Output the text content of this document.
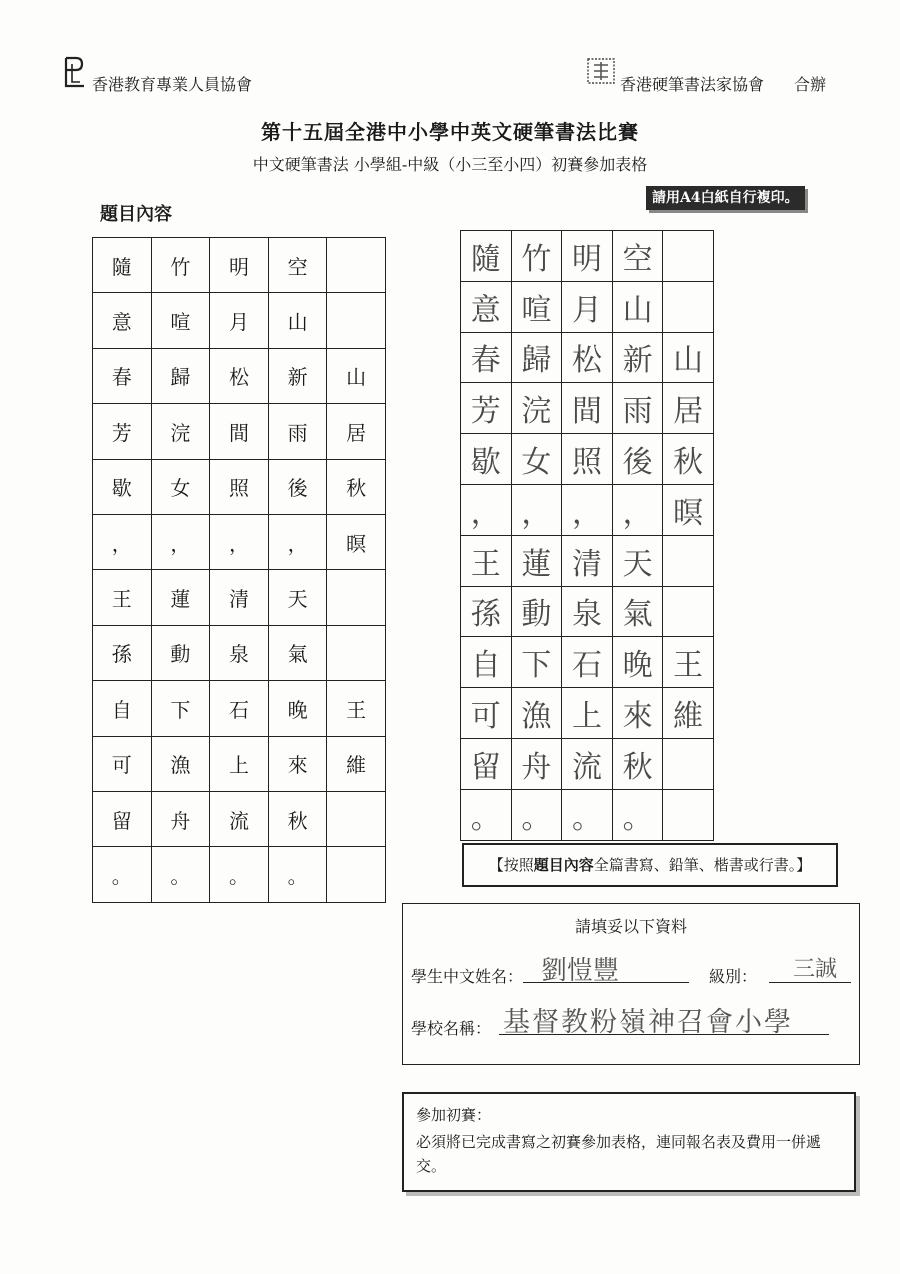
香港教育專業人員協會	香港硬筆書法家協會 合辦
第十五屆全港中小學中英文硬筆書法比賽
中文硬筆書法 小學組-中級（小三至小四）初賽參加表格
請用A4白紙自行複印。
題目內容
隨	竹	明	空	
意	喧	月	山	
春	歸	松	新	山
芳	浣	間	雨	居
歇	女	照	後	秋
，	，	，	，	暝
王	蓮	清	天	
孫	動	泉	氣	
自	下	石	晚	王
可	漁	上	來	維
留	舟	流	秋	
。	。	。	。	
隨	竹	明	空	
意	喧	月	山	
春	歸	松	新	山
芳	浣	間	雨	居
歇	女	照	後	秋
，	，	，	，	暝
王	蓮	清	天	
孫	動	泉	氣	
自	下	石	晚	王
可	漁	上	來	維
留	舟	流	秋	
。	。	。	。	
【按照題目內容全篇書寫、鉛筆、楷書或行書。】
請填妥以下資料
學生中文姓名： 劉愷豐	級別： 三誠
學校名稱： 基督教粉嶺神召會小學
參加初賽：
必須將已完成書寫之初賽參加表格，連同報名表及費用一併遞交。
